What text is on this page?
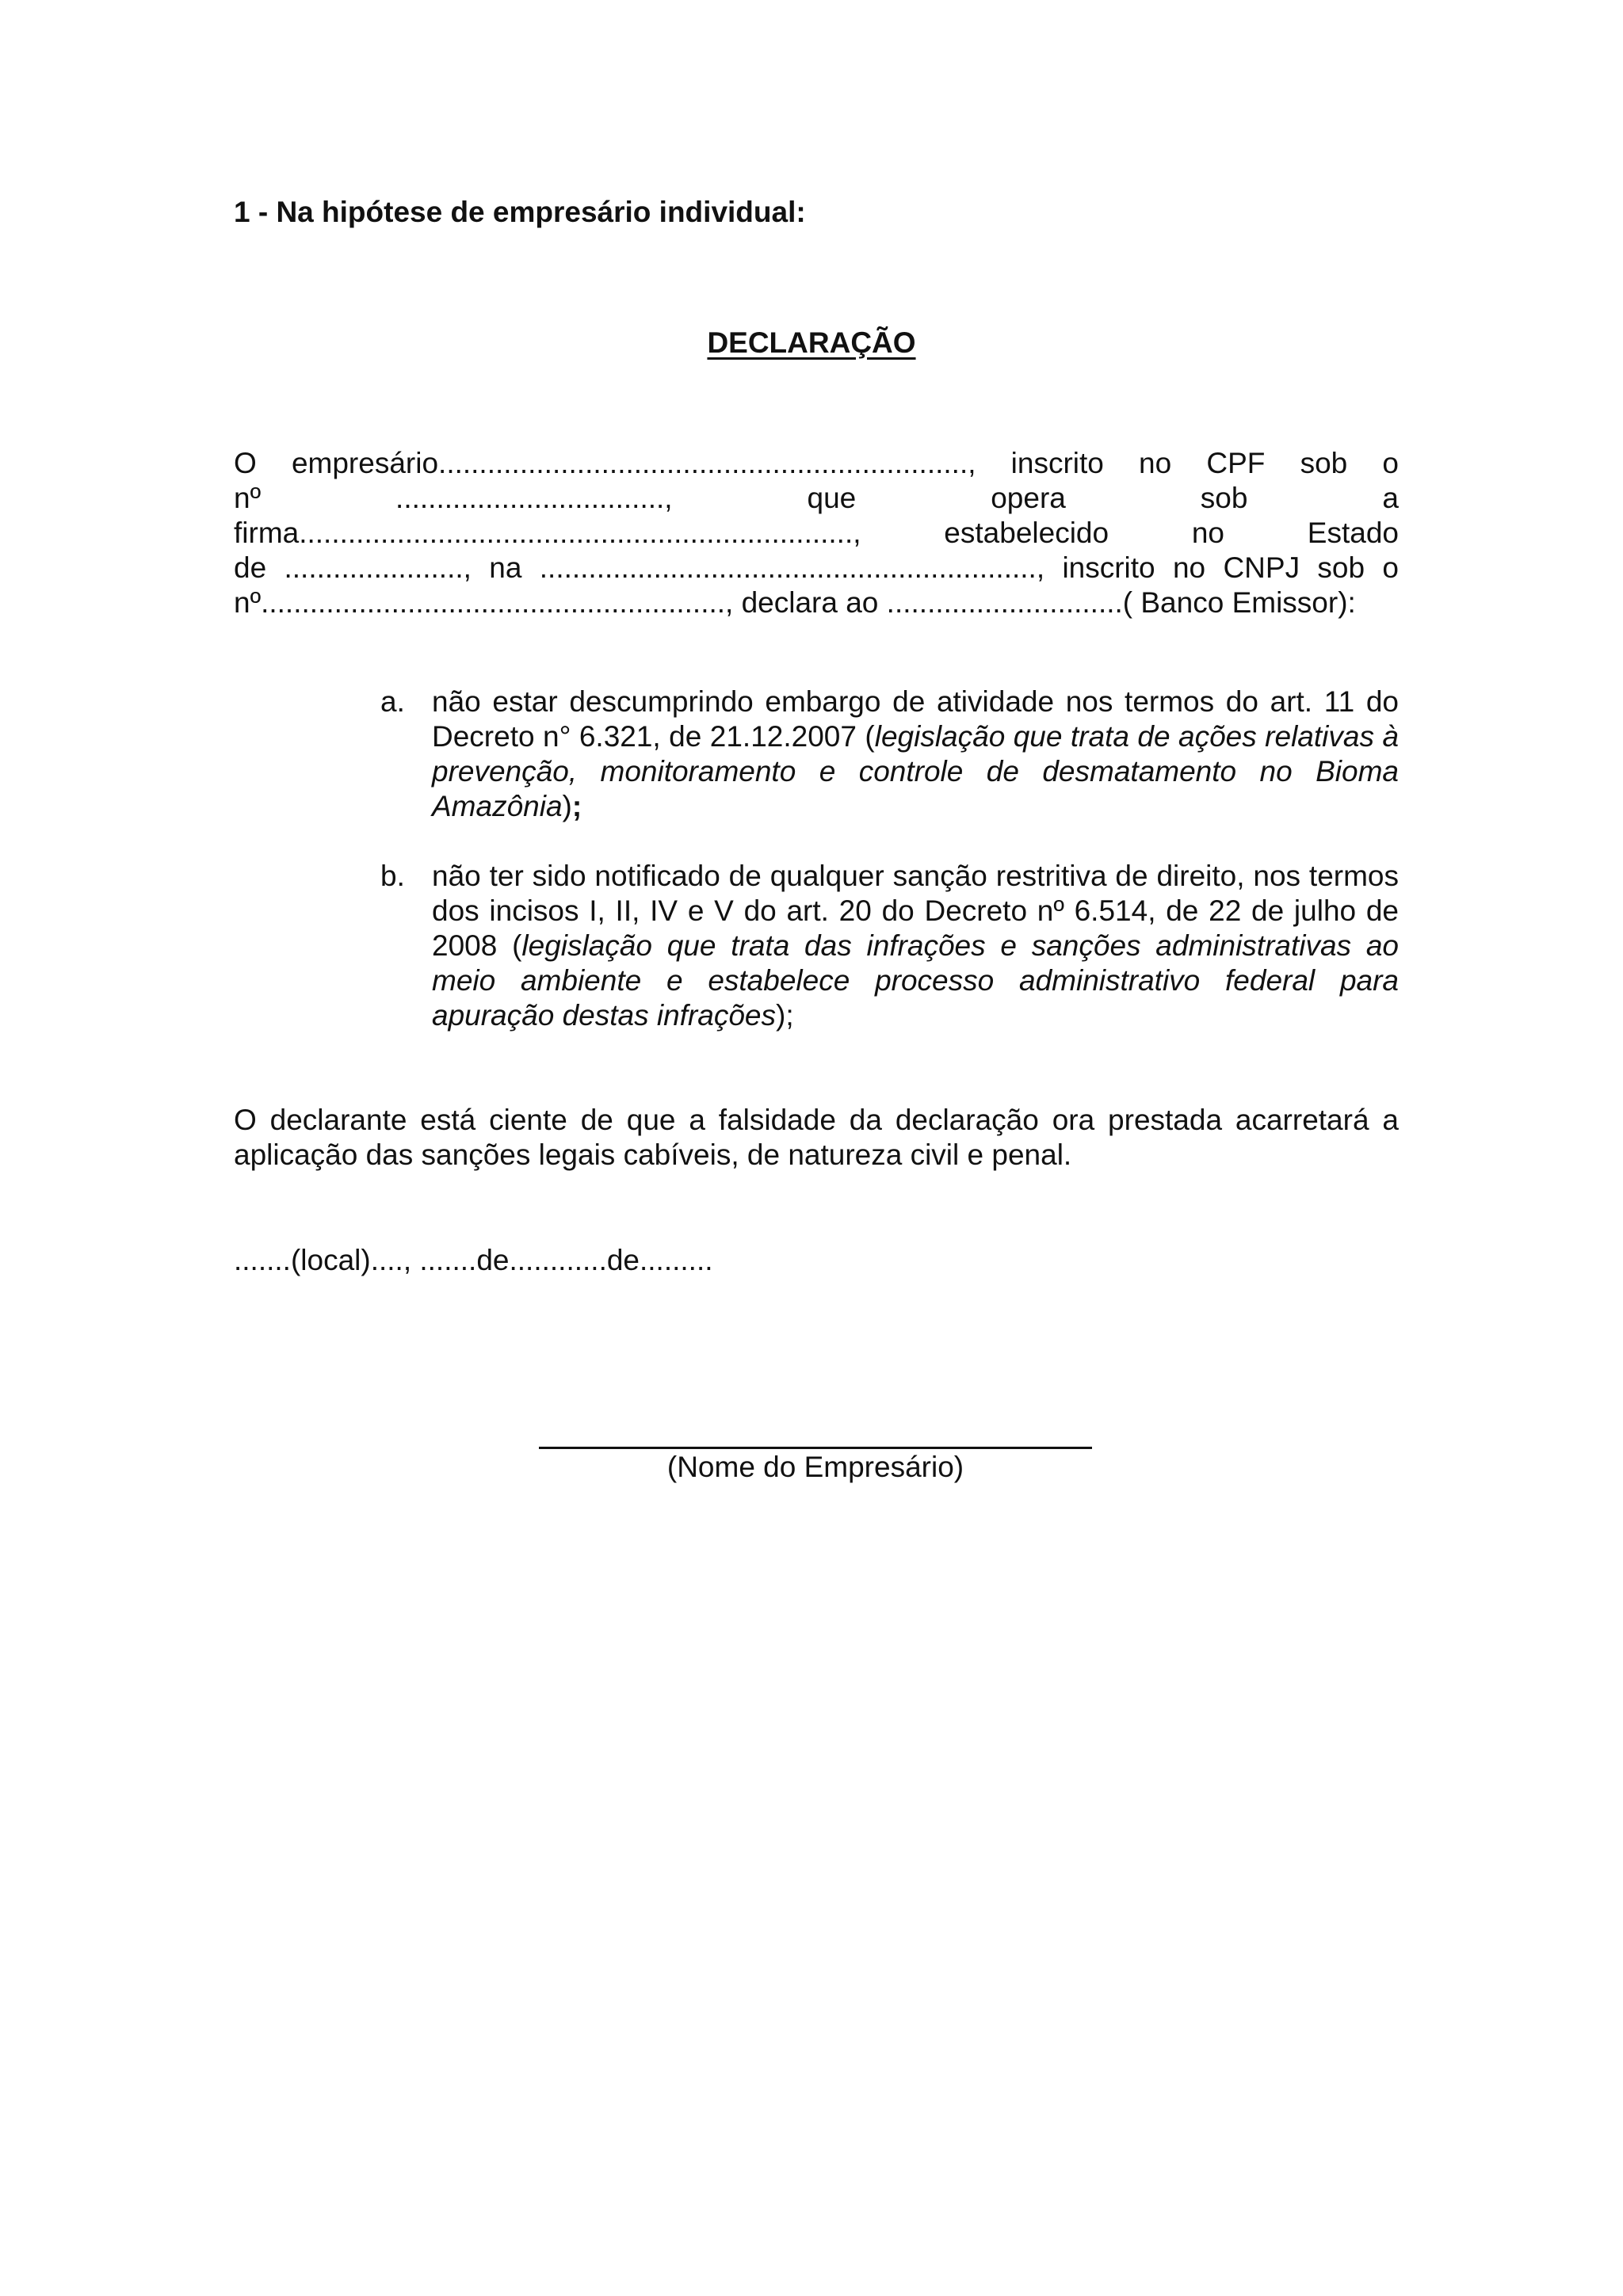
1 - Na hipótese de empresário individual:
DECLARAÇÃO
O empresário................................................................., inscrito no CPF sob o
nº ................................., que opera sob a
firma...................................................................., estabelecido no Estado
de ......................, na ............................................................., inscrito no CNPJ sob o
nº........................................................., declara ao .............................( Banco Emissor):
a. não estar descumprindo embargo de atividade nos termos do art. 11 do Decreto n° 6.321, de 21.12.2007 (legislação que trata de ações relativas à prevenção, monitoramento e controle de desmatamento no Bioma Amazônia);
b. não ter sido notificado de qualquer sanção restritiva de direito, nos termos dos incisos I, II, IV e V do art. 20 do Decreto nº 6.514, de 22 de julho de 2008 (legislação que trata das infrações e sanções administrativas ao meio ambiente e estabelece processo administrativo federal para apuração destas infrações);
O declarante está ciente de que a falsidade da declaração ora prestada acarretará a aplicação das sanções legais cabíveis, de natureza civil e penal.
.......(local)...., .......de............de.........
(Nome do Empresário)
